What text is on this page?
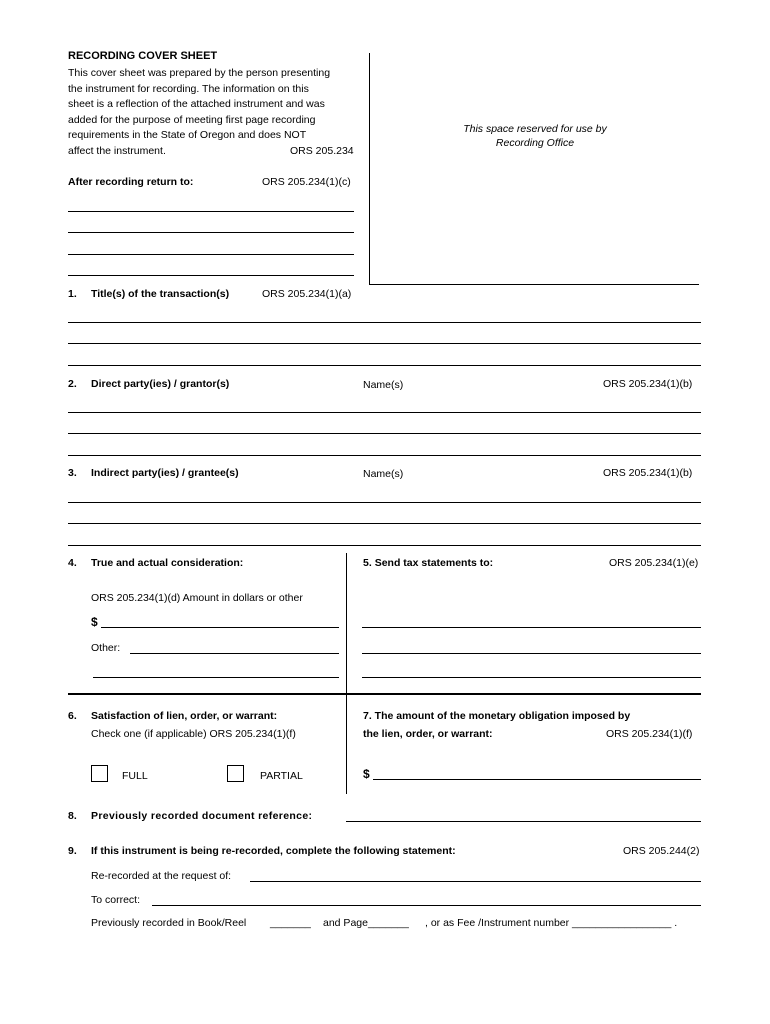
RECORDING COVER SHEET
This cover sheet was prepared by the person presenting
the instrument for recording. The information on this
sheet is a reflection of the attached instrument and was
added for the purpose of meeting first page recording
requirements in the State of Oregon and does NOT
affect the instrument.	ORS 205.234
After recording return to:	ORS 205.234(1)(c)
This space reserved for use by
Recording Office
1. Title(s) of the transaction(s)	ORS 205.234(1)(a)
2. Direct party(ies) / grantor(s)	Name(s)	ORS 205.234(1)(b)
3. Indirect party(ies) / grantee(s)	Name(s)	ORS 205.234(1)(b)
4. True and actual consideration:
ORS 205.234(1)(d) Amount in dollars or other
$
Other:
5. Send tax statements to:	ORS 205.234(1)(e)
6. Satisfaction of lien, order, or warrant:
Check one (if applicable) ORS 205.234(1)(f)
FULL	PARTIAL
7. The amount of the monetary obligation imposed by
the lien, order, or warrant:	ORS 205.234(1)(f)
$
8. Previously recorded document reference:
9. If this instrument is being re-recorded, complete the following statement:	ORS 205.244(2)
Re-recorded at the request of:
To correct:
Previously recorded in Book/Reel _______ and Page_______ , or as Fee /Instrument number _________________ .
